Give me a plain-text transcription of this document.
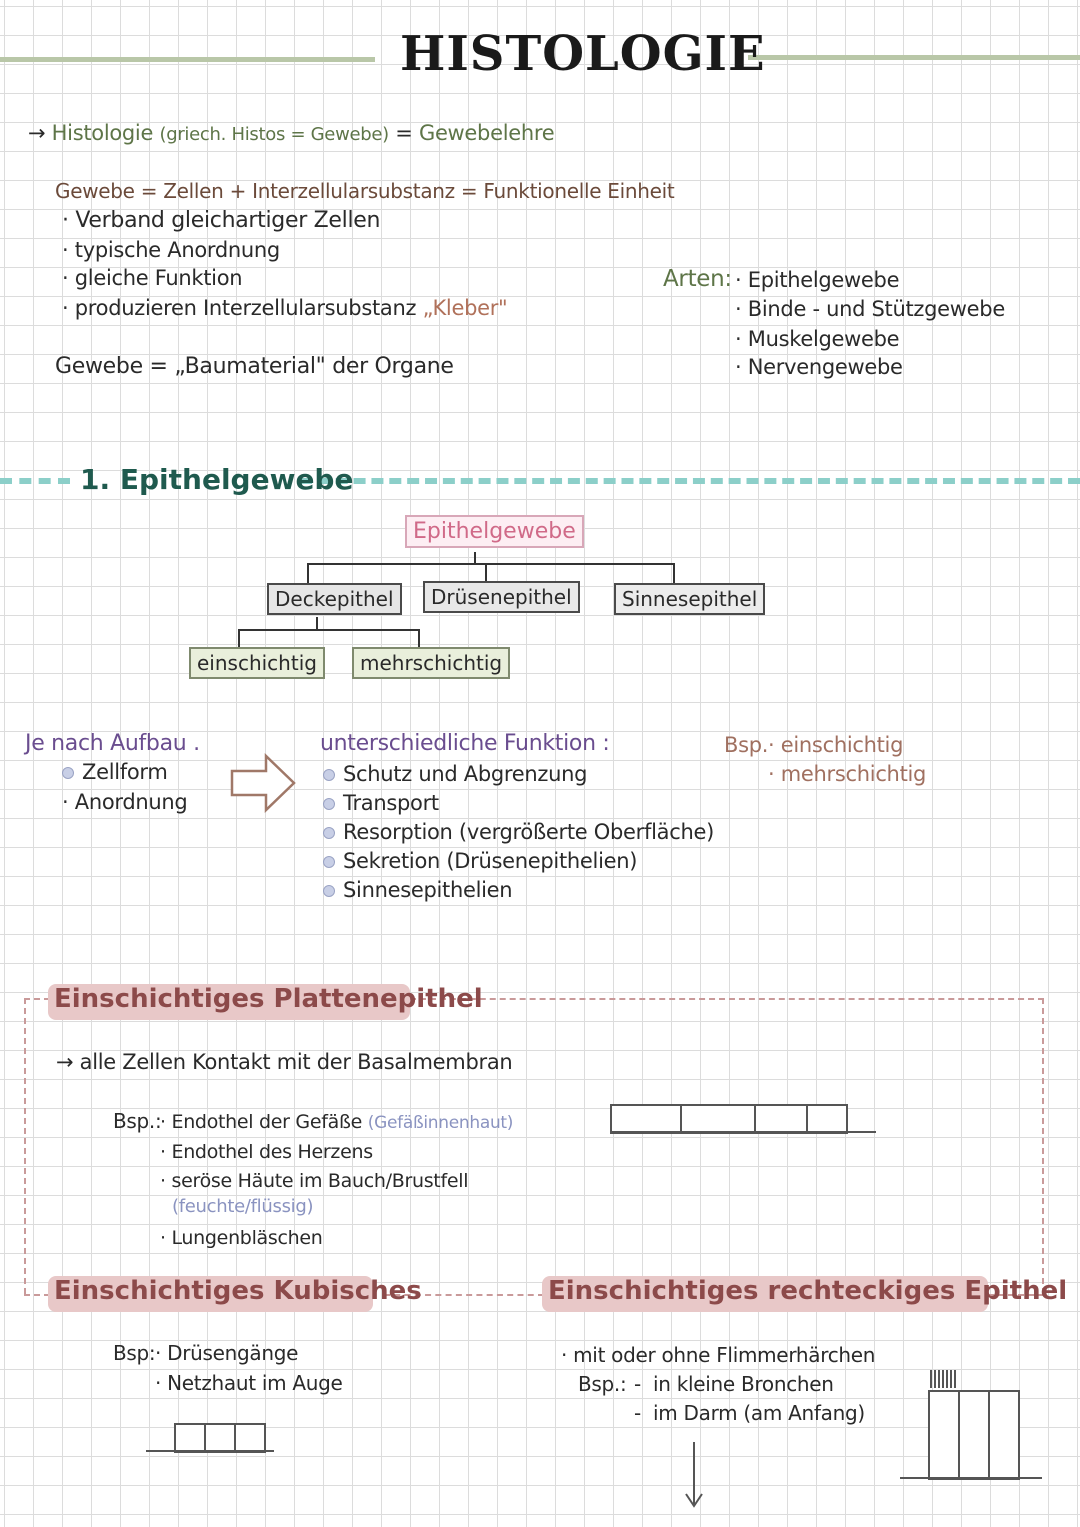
HISTOLOGIE
→ Histologie (griech. Histos = Gewebe) = Gewebelehre
Gewebe = Zellen + Interzellularsubstanz = Funktionelle Einheit
· Verband gleichartiger Zellen
· typische Anordnung
· gleiche Funktion
· produzieren Interzellularsubstanz „Kleber"
Gewebe = „Baumaterial" der Organe
Arten: · Epithelgewebe
· Binde - und Stützgewebe
· Muskelgewebe
· Nervengewebe
1. Epithelgewebe
Epithelgewebe
Deckepithel	Drüsenepithel	Sinnesepithel
einschichtig	mehrschichtig
Je nach Aufbau .
Zellform
· Anordnung
unterschiedliche Funktion :
Schutz und Abgrenzung
Transport
Resorption (vergrößerte Oberfläche)
Sekretion (Drüsenepithelien)
Sinnesepithelien
Bsp. · einschichtig
· mehrschichtig
Einschichtiges Plattenepithel
→ alle Zellen Kontakt mit der Basalmembran
Bsp.:
· Endothel der Gefäße (Gefäßinnenhaut)
· Endothel des Herzens
· seröse Häute im Bauch/Brustfell
(feuchte/flüssig)
· Lungenbläschen
Einschichtiges Kubisches
Bsp: · Drüsengänge
· Netzhaut im Auge
Einschichtiges rechteckiges Epithel
· mit oder ohne Flimmerhärchen
Bsp.: -  in kleine Bronchen
-  im Darm (am Anfang)
